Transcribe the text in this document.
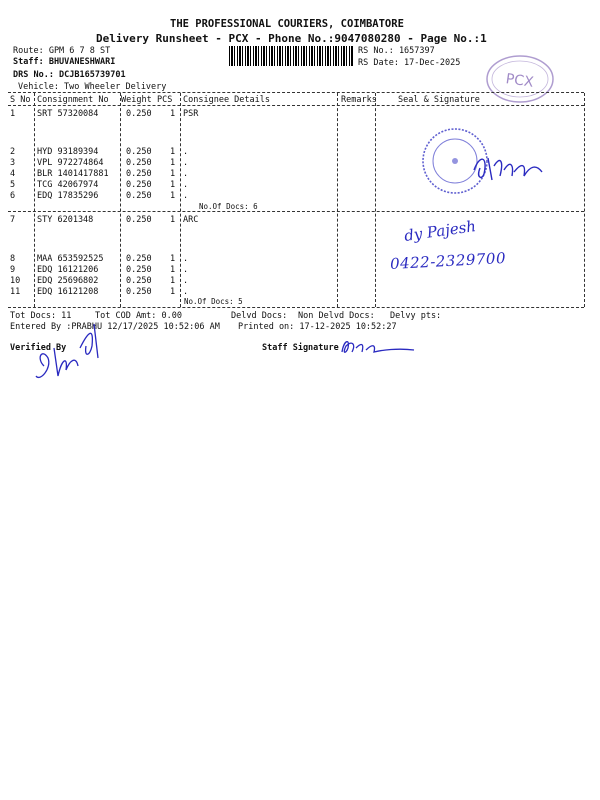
THE PROFESSIONAL COURIERS, COIMBATORE
Delivery Runsheet - PCX - Phone No.:9047080280 - Page No.:1
Route: GPM 6 7 8 ST
Staff: BHUVANESHWARI
DRS No.: DCJB165739701
Vehicle: Two Wheeler Delivery
RS No.: 1657397
RS Date: 17-Dec-2025
PCX
S No Consignment No Weight PCS Consignee Details	Remarks Seal & Signature
1	SRT 57320084	0.250 1 PSR
2	HYD 93189394	0.250 1 .
3	VPL 972274864	0.250 1 .
4	BLR 1401417881 0.250 1 .
5	TCG 42067974	0.250 1 .
6	EDQ 17835296	0.250 1 .
No.Of Docs: 6
7	STY 6201348	0.250 1 ARC
8	MAA 653592525	0.250 1 .
9	EDQ 16121206	0.250 1 .
10 EDQ 25696802	0.250 1 .
11 EDQ 16121208	0.250 1 .
No.Of Docs: 5
dy Pajesh
0422-2329700
Tot Docs: 11	Tot COD Amt: 0.00	Delvd Docs: Non Delvd Docs: Delvy pts:
Entered By :PRABHU 12/17/2025 10:52:06 AM Printed on: 17-12-2025 10:52:27
Verified By	Staff Signature
